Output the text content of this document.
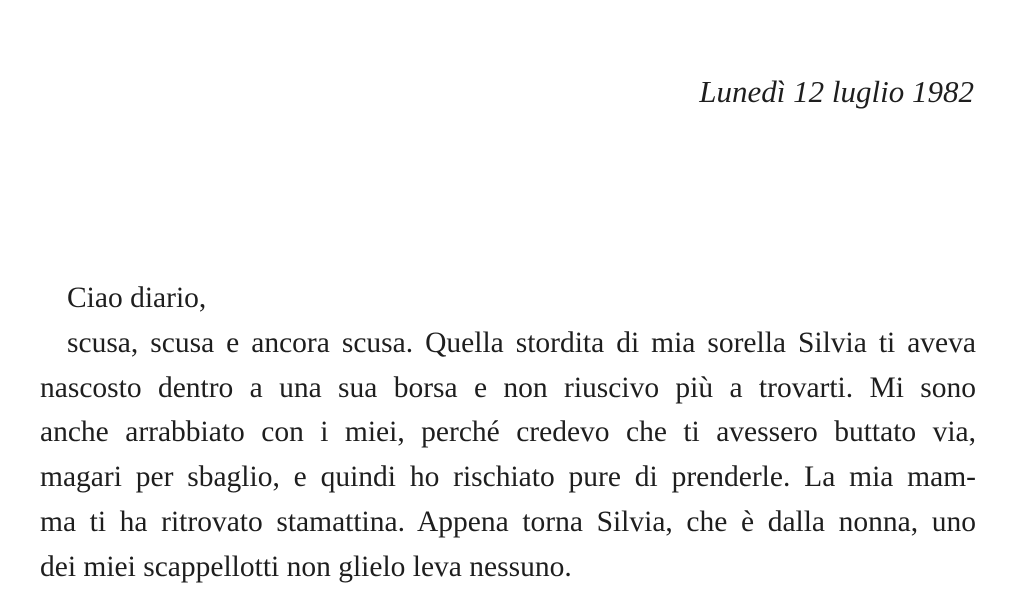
Lunedì 12 luglio 1982
Ciao diario,
scusa, scusa e ancora scusa. Quella stordita di mia sorella Silvia ti aveva
nascosto dentro a una sua borsa e non riuscivo più a trovarti. Mi sono
anche arrabbiato con i miei, perché credevo che ti avessero buttato via,
magari per sbaglio, e quindi ho rischiato pure di prenderle. La mia mam-
ma ti ha ritrovato stamattina. Appena torna Silvia, che è dalla nonna, uno
dei miei scappellotti non glielo leva nessuno.
